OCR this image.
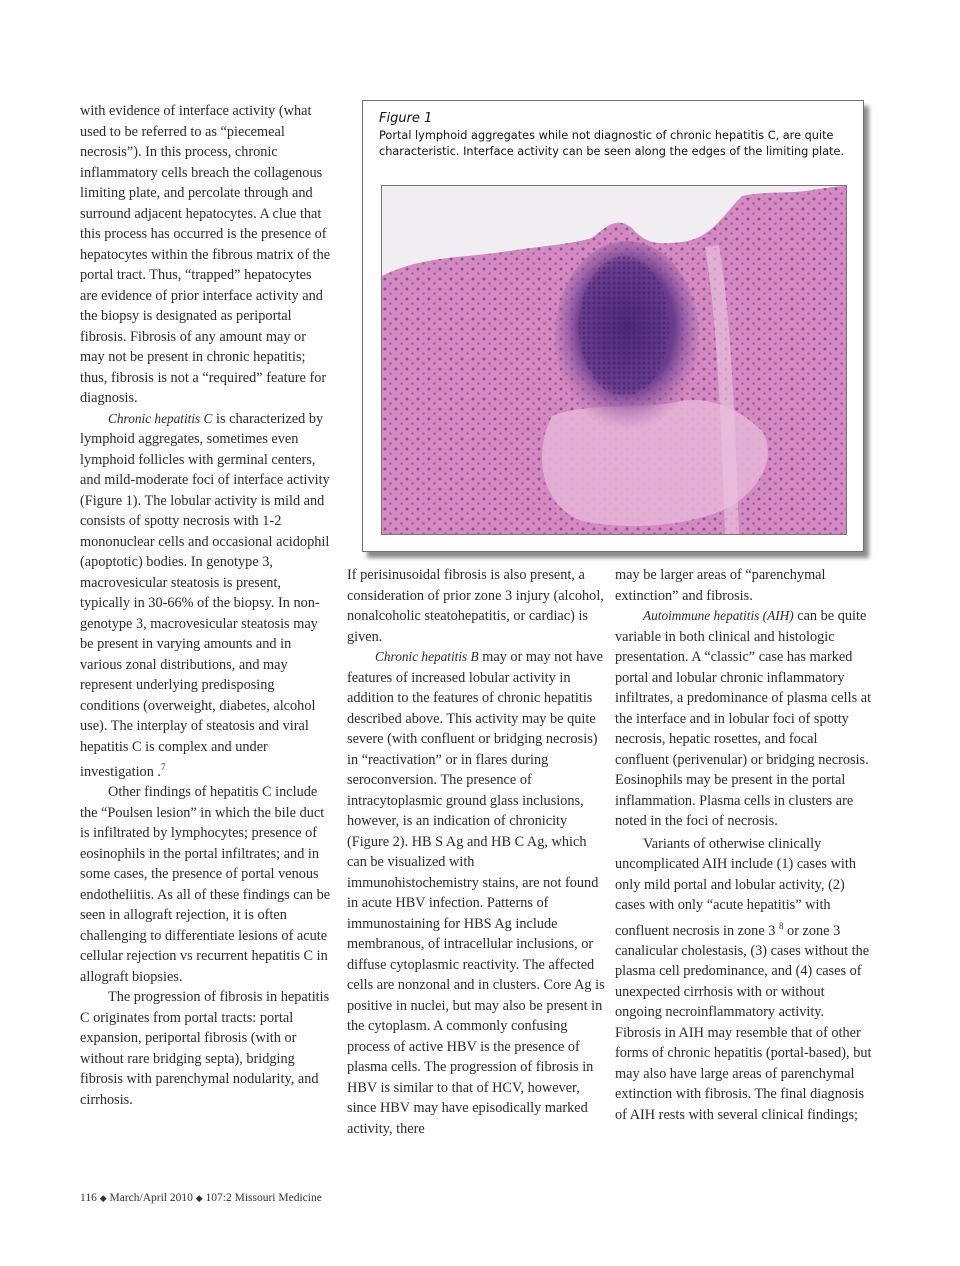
with evidence of interface activity (what used to be referred to as “piecemeal necrosis”). In this process, chronic inflammatory cells breach the collagenous limiting plate, and percolate through and surround adjacent hepatocytes. A clue that this process has occurred is the presence of hepatocytes within the fibrous matrix of the portal tract. Thus, “trapped” hepatocytes are evidence of prior interface activity and the biopsy is designated as periportal fibrosis. Fibrosis of any amount may or may not be present in chronic hepatitis; thus, fibrosis is not a “required” feature for diagnosis.

Chronic hepatitis C is characterized by lymphoid aggregates, sometimes even lymphoid follicles with germinal centers, and mild-moderate foci of interface activity (Figure 1). The lobular activity is mild and consists of spotty necrosis with 1-2 mononuclear cells and occasional acidophil (apoptotic) bodies. In genotype 3, macrovesicular steatosis is present, typically in 30-66% of the biopsy. In non-genotype 3, macrovesicular steatosis may be present in varying amounts and in various zonal distributions, and may represent underlying predisposing conditions (overweight, diabetes, alcohol use). The interplay of steatosis and viral hepatitis C is complex and under investigation .$^7$

Other findings of hepatitis C include the “Poulsen lesion” in which the bile duct is infiltrated by lymphocytes; presence of eosinophils in the portal infiltrates; and in some cases, the presence of portal venous endotheliitis. As all of these findings can be seen in allograft rejection, it is often challenging to differentiate lesions of acute cellular rejection vs recurrent hepatitis C in allograft biopsies.

The progression of fibrosis in hepatitis C originates from portal tracts: portal expansion, periportal fibrosis (with or without rare bridging septa), bridging fibrosis with parenchymal nodularity, and cirrhosis.

Figure 1
Portal lymphoid aggregates while not diagnostic of chronic hepatitis C, are quite characteristic. Interface activity can be seen along the edges of the limiting plate.

If perisinusoidal fibrosis is also present, a consideration of prior zone 3 injury (alcohol, nonalcoholic steatohepatitis, or cardiac) is given.

Chronic hepatitis B may or may not have features of increased lobular activity in addition to the features of chronic hepatitis described above. This activity may be quite severe (with confluent or bridging necrosis) in “reactivation” or in flares during seroconversion. The presence of intracytoplasmic ground glass inclusions, however, is an indication of chronicity (Figure 2). HB S Ag and HB C Ag, which can be visualized with immunohistochemistry stains, are not found in acute HBV infection. Patterns of immunostaining for HBS Ag include membranous, of intracellular inclusions, or diffuse cytoplasmic reactivity. The affected cells are nonzonal and in clusters. Core Ag is positive in nuclei, but may also be present in the cytoplasm. A commonly confusing process of active HBV is the presence of plasma cells. The progression of fibrosis in HBV is similar to that of HCV, however, since HBV may have episodically marked activity, there

may be larger areas of “parenchymal extinction” and fibrosis.

Autoimmune hepatitis (AIH) can be quite variable in both clinical and histologic presentation. A “classic” case has marked portal and lobular chronic inflammatory infiltrates, a predominance of plasma cells at the interface and in lobular foci of spotty necrosis, hepatic rosettes, and focal confluent (perivenular) or bridging necrosis. Eosinophils may be present in the portal inflammation. Plasma cells in clusters are noted in the foci of necrosis.

Variants of otherwise clinically uncomplicated AIH include (1) cases with only mild portal and lobular activity, (2) cases with only “acute hepatitis” with confluent necrosis in zone 3 $^8$ or zone 3 canalicular cholestasis, (3) cases without the plasma cell predominance, and (4) cases of unexpected cirrhosis with or without ongoing necroinflammatory activity. Fibrosis in AIH may resemble that of other forms of chronic hepatitis (portal-based), but may also have large areas of parenchymal extinction with fibrosis. The final diagnosis of AIH rests with several clinical findings;

116 ◆ March/April 2010 ◆ 107:2 Missouri Medicine
